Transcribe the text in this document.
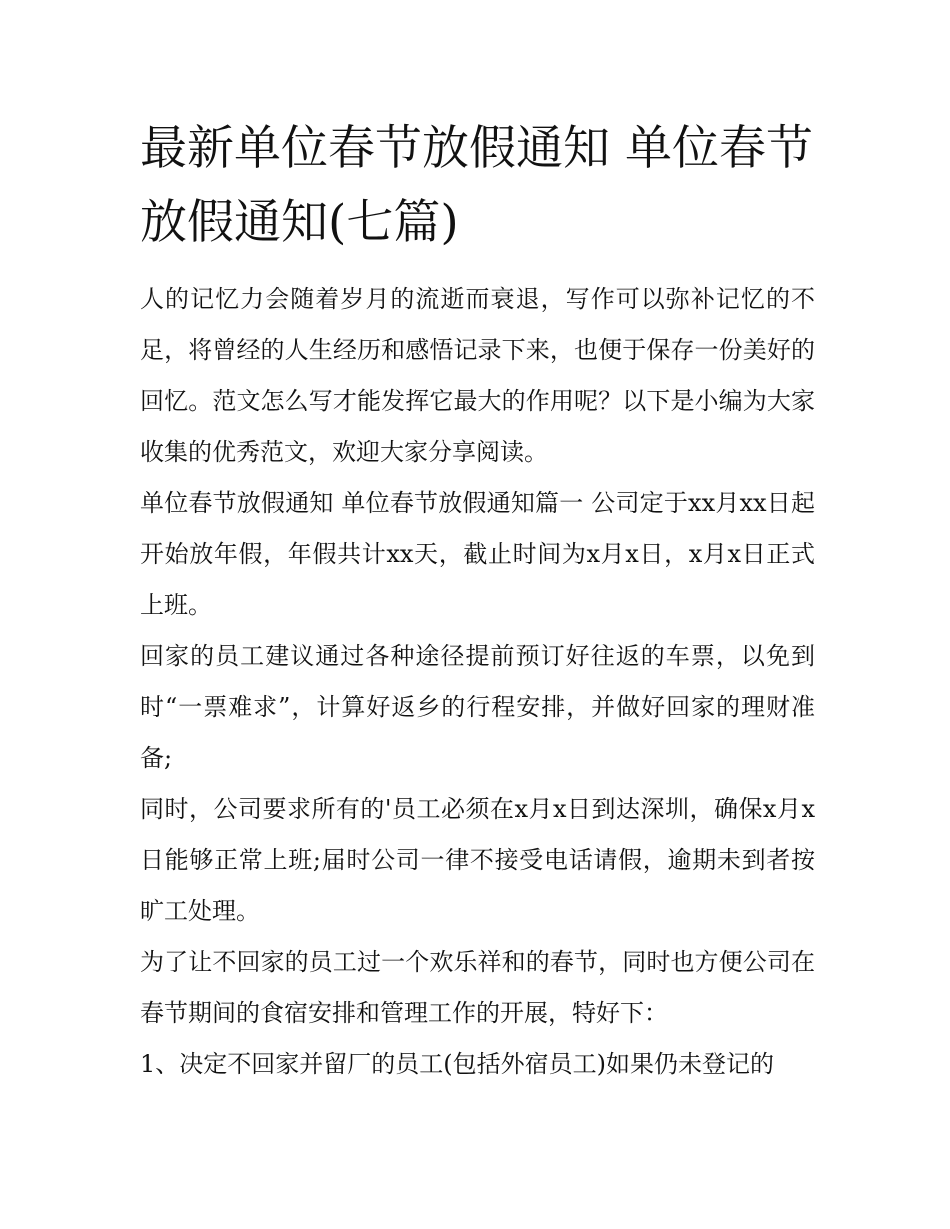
最新单位春节放假通知 单位春节放假通知(七篇)

人的记忆力会随着岁月的流逝而衰退，写作可以弥补记忆的不足，将曾经的人生经历和感悟记录下来，也便于保存一份美好的回忆。范文怎么写才能发挥它最大的作用呢？以下是小编为大家收集的优秀范文，欢迎大家分享阅读。

单位春节放假通知 单位春节放假通知篇一 公司定于xx月xx日起开始放年假，年假共计xx天，截止时间为x月x日，x月x日正式上班。

回家的员工建议通过各种途径提前预订好往返的车票，以免到时“一票难求”，计算好返乡的行程安排，并做好回家的理财准备;

同时，公司要求所有的'员工必须在x月x日到达深圳，确保x月x日能够正常上班;届时公司一律不接受电话请假，逾期未到者按旷工处理。

为了让不回家的员工过一个欢乐祥和的春节，同时也方便公司在春节期间的食宿安排和管理工作的开展，特好下：

1、决定不回家并留厂的员工(包括外宿员工)如果仍未登记的
